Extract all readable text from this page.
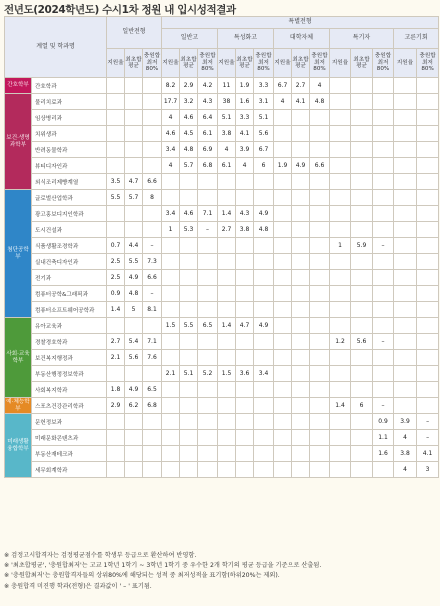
전년도(2024학년도) 수시1차 정원 내 입시성적결과
계열 및 학과명		일반전형			특별전형													
					일반고			특성화고			대학자체			특기자			고른기회	
		지원율	최초합평균	충원합최저80%	지원율	최초합평균	충원합최저80%	지원율	최초합평균	충원합최저80%	지원율	최초합평균	충원합최저80%	지원율	최초합평균	충원합최저80%	지원율	충원합최저80%
간호학부	간호학과				8.2	2.9	4.2	11	1.9	3.3	6.7	2.7	4					
보건·생명과학부	물리치료과				17.7	3.2	4.3	38	1.6	3.1	4	4.1	4.8					
	임상병리과				4	4.6	6.4	5.1	3.3	5.1								
	치위생과				4.6	4.5	6.1	3.8	4.1	5.6								
	반려동물학과				3.4	4.8	6.9	4	3.9	6.7								
	뷰티디자인과				4	5.7	6.8	6.1	4	6	1.9	4.9	6.6					
	외식조리제빵계열	3.5	4.7	6.6														
첨단공학부	글로벌산업학과	5.5	5.7	8														
	광고홍보디지인학과				3.4	4.6	7.1	1.4	4.3	4.9								
	도시건설과				1	5.3	–	2.7	3.8	4.8								
	식품생활조경학과	0.7	4.4	–										1	5.9	–		
	실내건축디자인과	2.5	5.5	7.3														
	전기과	2.5	4.9	6.6														
	컴퓨터공학&그래픽과	0.9	4.8	–														
	컴퓨터소프트웨어공학과	1.4	5	8.1														
사회·교육학부	유아교육과				1.5	5.5	6.5	1.4	4.7	4.9								
	경찰경호학과	2.7	5.4	7.1										1.2	5.6	–		
	보건복지행정과	2.1	5.6	7.6														
	부동산행정정보학과				2.1	5.1	5.2	1.5	3.6	3.4								
	사회복지학과	1.8	4.9	6.5														
예·체능학부	스포츠건강관리학과	2.9	6.2	6.8										1.4	6	–		
미래생활융합학부	문헌정보과															0.9	3.9	–
	미래문화콘텐츠과															1.1	4	–
	부동산재테크과															1.6	3.8	4.1
	세무회계학과																4	3
※ 검정고시합격자는 검정평균점수를 학생부 등급으로 환산하여 반영함.
※ '최초합평균', '충원합최저'는 고교 1학년 1학기 ~ 3학년 1학기 중 우수한 2개 학기의 평균 등급을 기준으로 산출됨.
※ '충원합최저'는 충원합격자들의 상위80%에 해당되는 성적 중 최저성적을 표기함(하위20%는 제외).
※ 충원합격 미진행 학과(전형)은 결과값이 ' – ' 표기됨.
